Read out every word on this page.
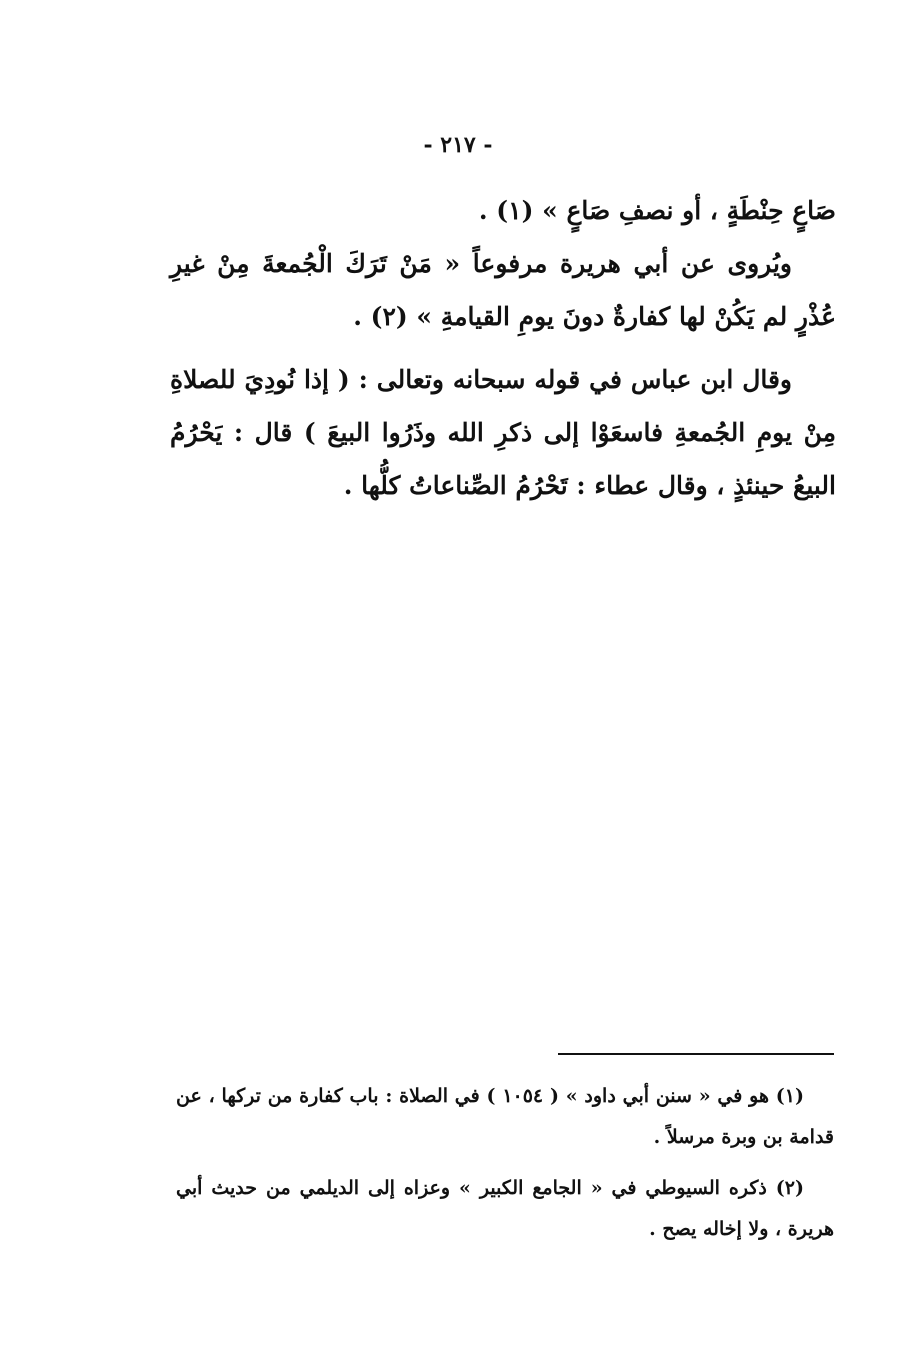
- ٢١٧ -

صَاعٍ حِنْطَةٍ ، أو نصفِ صَاعٍ » (١) .

ويُروى عن أبي هريرة مرفوعاً « مَنْ تَرَكَ الْجُمعةَ مِنْ غيرِ عُذْرٍ لم يَكُنْ لها كفارةٌ دونَ يومِ القيامةِ » (٢) .

وقال ابن عباس في قوله سبحانه وتعالى : ( إذا نُودِيَ للصلاةِ مِنْ يومِ الجُمعةِ فاسعَوْا إلى ذكرِ الله وذَرُوا البيعَ ) قال : يَحْرُمُ البيعُ حينئذٍ ، وقال عطاء : تَحْرُمُ الصِّناعاتُ كلُّها .

(١) هو في « سنن أبي داود » ( ١٠٥٤ ) في الصلاة : باب كفارة من تركها ، عن قدامة بن وبرة مرسلاً .

(٢) ذكره السيوطي في « الجامع الكبير » وعزاه إلى الديلمي من حديث أبي هريرة ، ولا إخاله يصح .
